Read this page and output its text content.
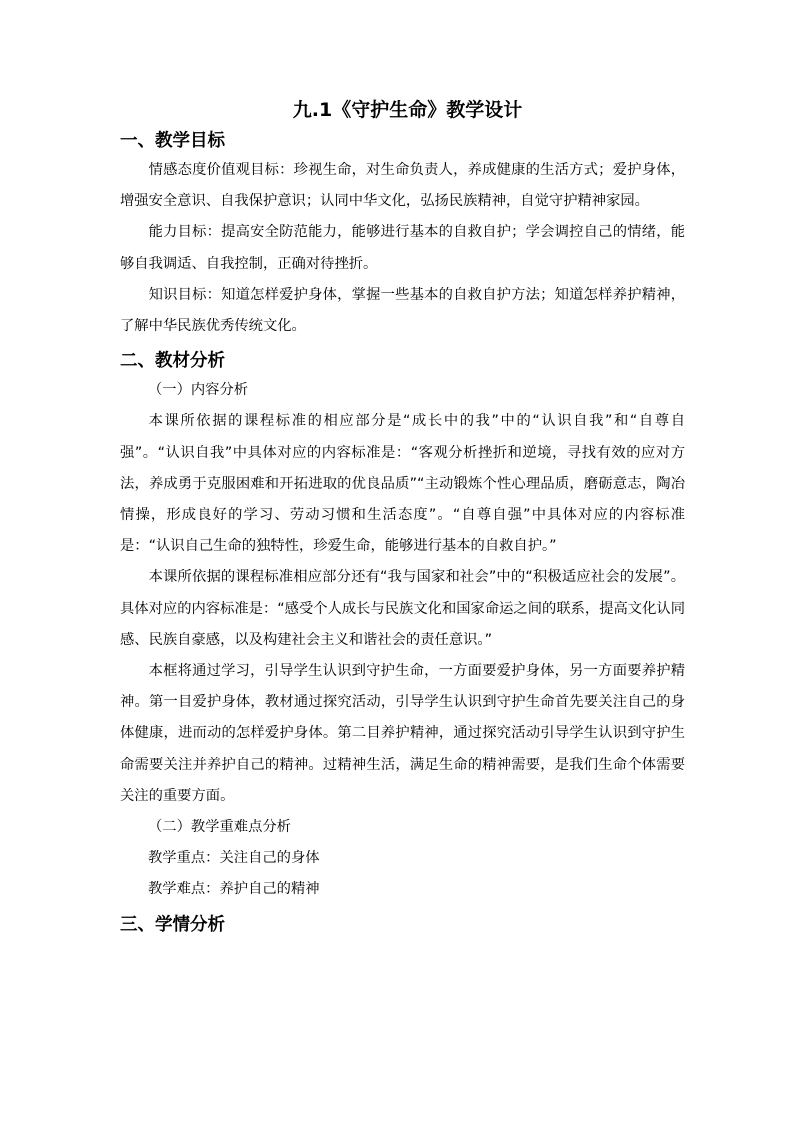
九.1《守护生命》教学设计
一、教学目标

情感态度价值观目标：珍视生命，对生命负责人，养成健康的生活方式；爱护身体，增强安全意识、自我保护意识；认同中华文化，弘扬民族精神，自觉守护精神家园。

能力目标：提高安全防范能力，能够进行基本的自救自护；学会调控自己的情绪，能够自我调适、自我控制，正确对待挫折。

知识目标：知道怎样爱护身体，掌握一些基本的自救自护方法；知道怎样养护精神，了解中华民族优秀传统文化。

二、教材分析

（一）内容分析

本课所依据的课程标准的相应部分是“成长中的我”中的“认识自我”和“自尊自强”。“认识自我”中具体对应的内容标准是：“客观分析挫折和逆境，寻找有效的应对方法，养成勇于克服困难和开拓进取的优良品质”“主动锻炼个性心理品质，磨砺意志，陶冶情操，形成良好的学习、劳动习惯和生活态度”。“自尊自强”中具体对应的内容标准是：“认识自己生命的独特性，珍爱生命，能够进行基本的自救自护。”

本课所依据的课程标准相应部分还有“我与国家和社会”中的“积极适应社会的发展”。具体对应的内容标准是：“感受个人成长与民族文化和国家命运之间的联系，提高文化认同感、民族自豪感，以及构建社会主义和谐社会的责任意识。”

本框将通过学习，引导学生认识到守护生命，一方面要爱护身体，另一方面要养护精神。第一目爱护身体，教材通过探究活动，引导学生认识到守护生命首先要关注自己的身体健康，进而动的怎样爱护身体。第二目养护精神，通过探究活动引导学生认识到守护生命需要关注并养护自己的精神。过精神生活，满足生命的精神需要，是我们生命个体需要关注的重要方面。

（二）教学重难点分析

教学重点：关注自己的身体

教学难点：养护自己的精神

三、学情分析
